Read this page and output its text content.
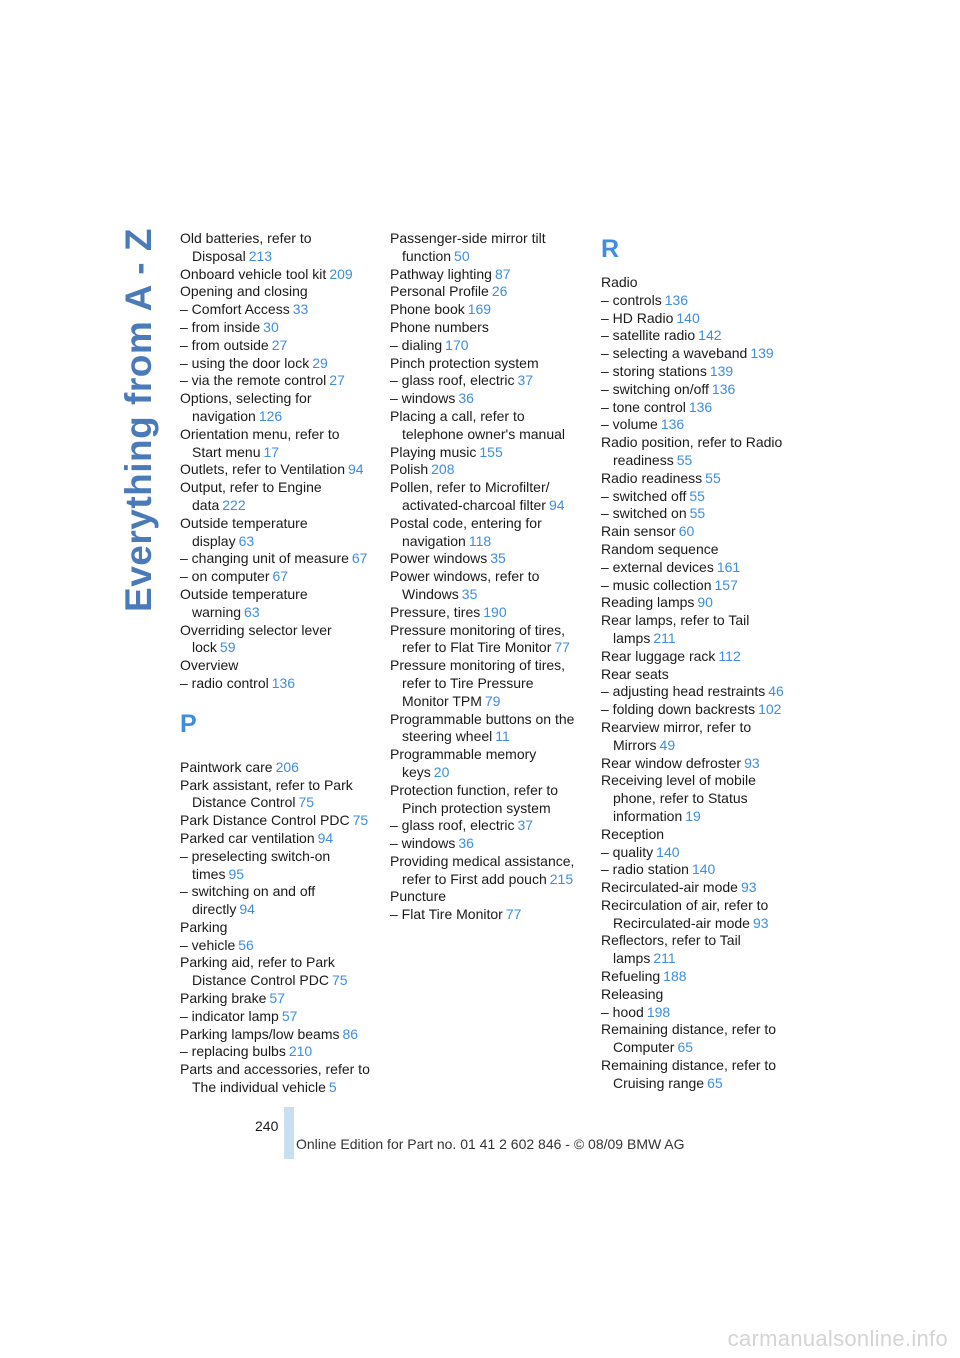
Everything from A - Z Old batteries, refer to
Disposal 213
Onboard vehicle tool kit 209
Opening and closing
– Comfort Access 33
– from inside 30
– from outside 27
– using the door lock 29
– via the remote control 27
Options, selecting for
navigation 126
Orientation menu, refer to
Start menu 17
Outlets, refer to Ventilation 94
Output, refer to Engine
data 222
Outside temperature
display 63
– changing unit of measure 67
– on computer 67
Outside temperature
warning 63
Overriding selector lever
lock 59
Overview
– radio control 136
P
Paintwork care 206
Park assistant, refer to Park
Distance Control 75
Park Distance Control PDC 75
Parked car ventilation 94
– preselecting switch-on
times 95
– switching on and off
directly 94
Parking
– vehicle 56
Parking aid, refer to Park
Distance Control PDC 75
Parking brake 57
– indicator lamp 57
Parking lamps/low beams 86
– replacing bulbs 210
Parts and accessories, refer to
The individual vehicle 5
Passenger-side mirror tilt
function 50
Pathway lighting 87
Personal Profile 26
Phone book 169
Phone numbers
– dialing 170
Pinch protection system
– glass roof, electric 37
– windows 36
Placing a call, refer to
telephone owner's manual
Playing music 155
Polish 208
Pollen, refer to Microfilter/
activated-charcoal filter 94
Postal code, entering for
navigation 118
Power windows 35
Power windows, refer to
Windows 35
Pressure, tires 190
Pressure monitoring of tires,
refer to Flat Tire Monitor 77
Pressure monitoring of tires,
refer to Tire Pressure
Monitor TPM 79
Programmable buttons on the
steering wheel 11
Programmable memory
keys 20
Protection function, refer to
Pinch protection system
– glass roof, electric 37
– windows 36
Providing medical assistance,
refer to First add pouch 215
Puncture
– Flat Tire Monitor 77
R
Radio
– controls 136
– HD Radio 140
– satellite radio 142
– selecting a waveband 139
– storing stations 139
– switching on/off 136
– tone control 136
– volume 136
Radio position, refer to Radio
readiness 55
Radio readiness 55
– switched off 55
– switched on 55
Rain sensor 60
Random sequence
– external devices 161
– music collection 157
Reading lamps 90
Rear lamps, refer to Tail
lamps 211
Rear luggage rack 112
Rear seats
– adjusting head restraints 46
– folding down backrests 102
Rearview mirror, refer to
Mirrors 49
Rear window defroster 93
Receiving level of mobile
phone, refer to Status
information 19
Reception
– quality 140
– radio station 140
Recirculated-air mode 93
Recirculation of air, refer to
Recirculated-air mode 93
Reflectors, refer to Tail
lamps 211
Refueling 188
Releasing
– hood 198
Remaining distance, refer to
Computer 65
Remaining distance, refer to
Cruising range 65
240
Online Edition for Part no. 01 41 2 602 846 - © 08/09 BMW AG
carmanualsonline.info
